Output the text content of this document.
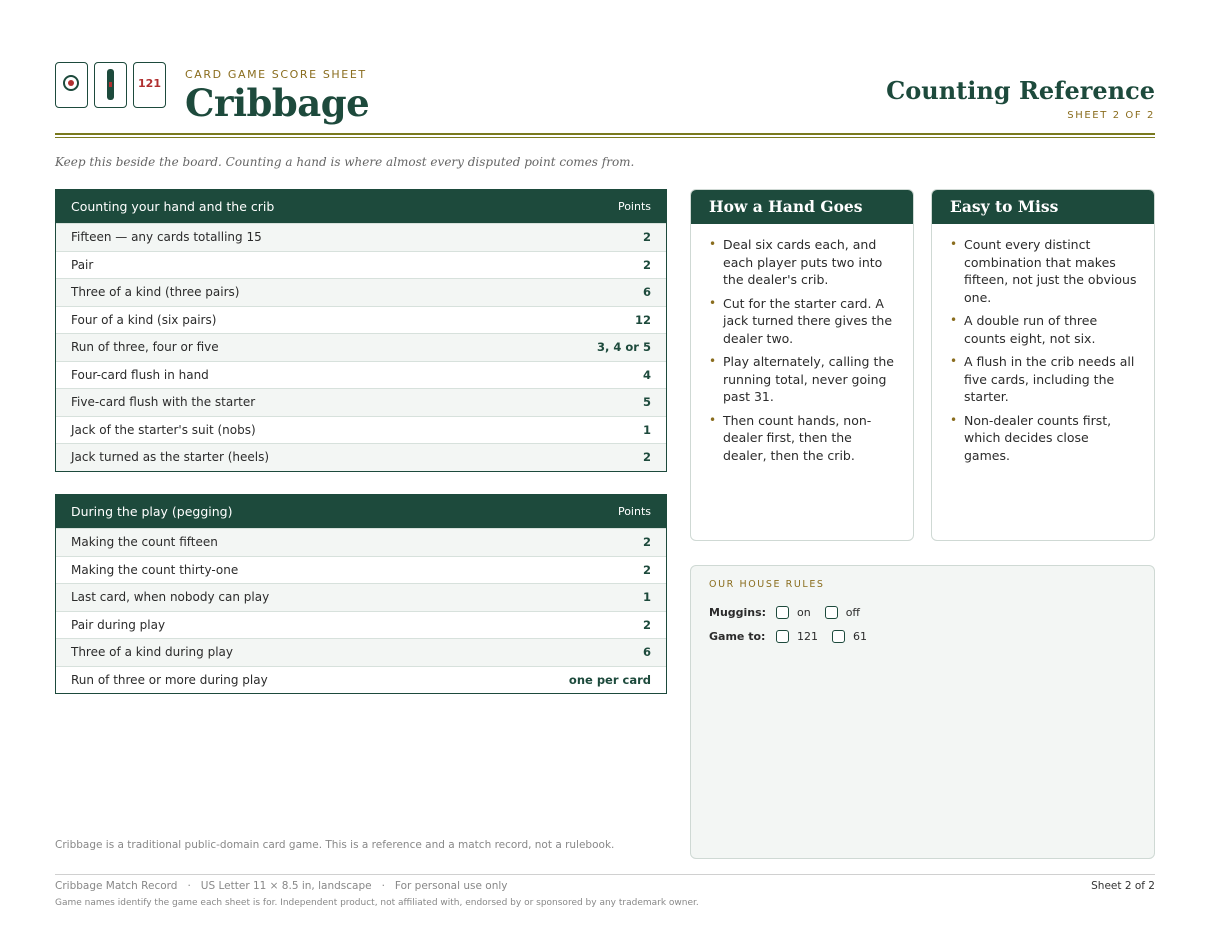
121
CARD GAME SCORE SHEET
Cribbage	Counting Reference
SHEET 2 OF 2
Keep this beside the board. Counting a hand is where almost every disputed point comes from.
Counting your hand and the crib	Points
Fifteen — any cards totalling 15	2
Pair	2
Three of a kind (three pairs)	6
Four of a kind (six pairs)	12
Run of three, four or five	3, 4 or 5
Four-card flush in hand	4
Five-card flush with the starter	5
Jack of the starter's suit (nobs)	1
Jack turned as the starter (heels)	2
During the play (pegging)	Points
Making the count fifteen	2
Making the count thirty-one	2
Last card, when nobody can play	1
Pair during play	2
Three of a kind during play	6
Run of three or more during play	one per card
How a Hand Goes
• Deal six cards each, and each player puts two into the dealer's crib.
• Cut for the starter card. A jack turned there gives the dealer two.
• Play alternately, calling the running total, never going past 31.
• Then count hands, non-dealer first, then the dealer, then the crib.
Easy to Miss
• Count every distinct combination that makes fifteen, not just the obvious one.
• A double run of three counts eight, not six.
• A flush in the crib needs all five cards, including the starter.
• Non-dealer counts first, which decides close games.
OUR HOUSE RULES
Muggins:	on	off
Game to:	121	61
Cribbage is a traditional public-domain card game. This is a reference and a match record, not a rulebook.
Cribbage Match Record   ·   US Letter 11 × 8.5 in, landscape   ·   For personal use only	Sheet 2 of 2
Game names identify the game each sheet is for. Independent product, not affiliated with, endorsed by or sponsored by any trademark owner.
